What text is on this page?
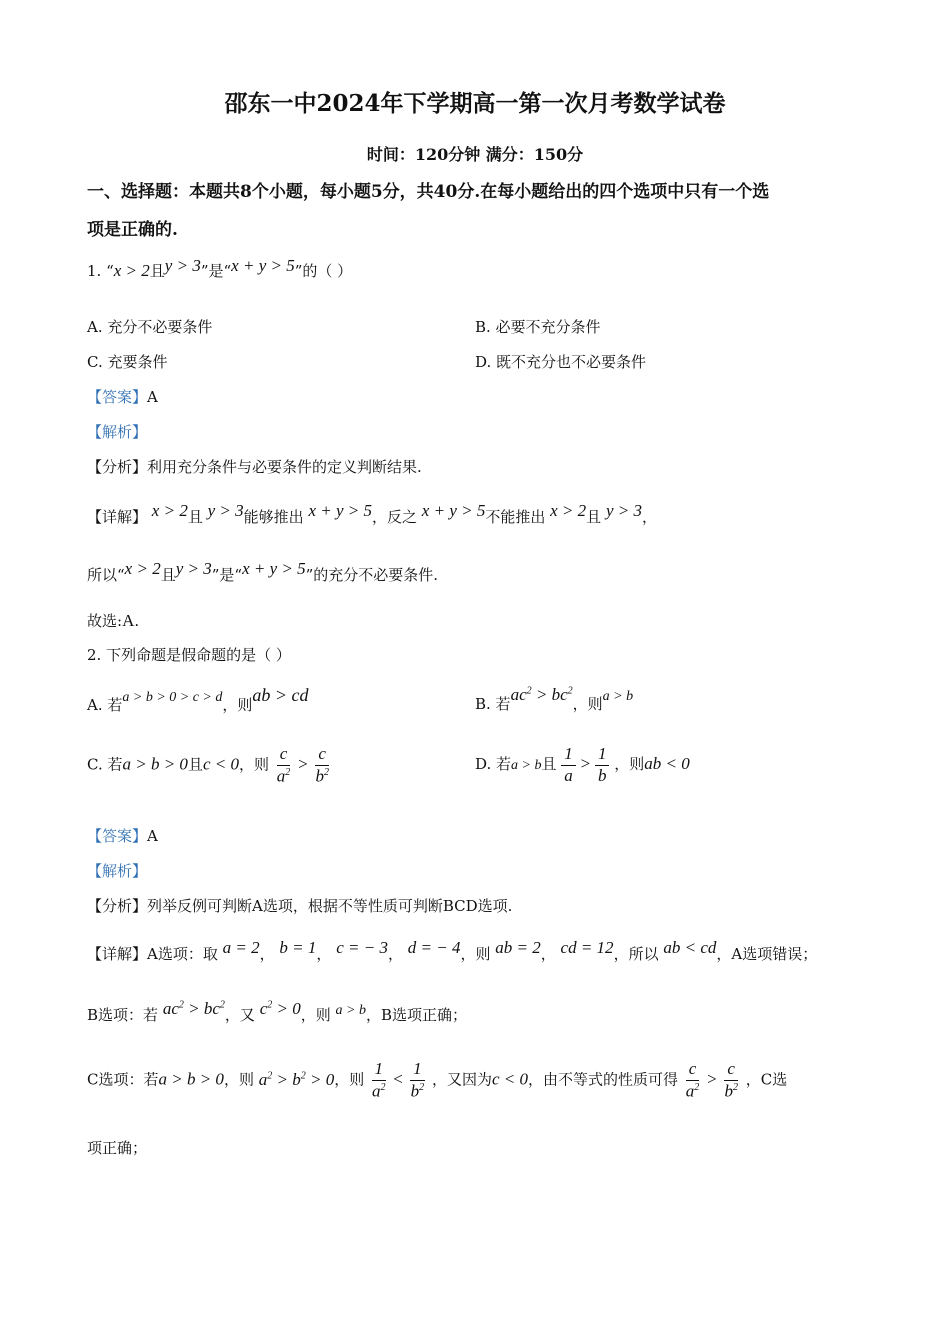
邵东一中2024年下学期高一第一次月考数学试卷
时间：120分钟 满分：150分
一、选择题：本题共8个小题，每小题5分，共40分.在每小题给出的四个选项中只有一个选
项是正确的.
1. “x > 2且y > 3”是“x + y > 5”的（ ）
A. 充分不必要条件	B. 必要不充分条件
C. 充要条件	D. 既不充分也不必要条件
【答案】A
【解析】
【分析】利用充分条件与必要条件的定义判断结果.
【详解】 x > 2且 y > 3能够推出 x + y > 5，反之 x + y > 5不能推出 x > 2且 y > 3，
所以“x > 2且y > 3”是“x + y > 5”的充分不必要条件.
故选:A.
2. 下列命题是假命题的是（ ）
A. 若a > b > 0 > c > d，则ab > cd	B. 若$ac^2 > bc^2$，则a > b
C. 若a > b > 0且c < 0，则 $\frac{c}{a^2} > \frac{c}{b^2}$	D. 若a > b且 $\frac{1}{a} > \frac{1}{b}$ ，则ab < 0
【答案】A
【解析】
【分析】列举反例可判断A选项，根据不等性质可判断BCD选项.
【详解】A选项：取 a = 2， b = 1， c = − 3， d = − 4，则 ab = 2， cd = 12，所以 ab < cd，A选项错误；
B选项：若 $ac^2 > bc^2$，又 $c^2 > 0$，则 a > b，B选项正确；
C选项：若a > b > 0，则 $a^2 > b^2 > 0$，则 $\frac{1}{a^2} < \frac{1}{b^2}$ ，又因为c < 0，由不等式的性质可得 $\frac{c}{a^2} > \frac{c}{b^2}$ ，C选
项正确；
